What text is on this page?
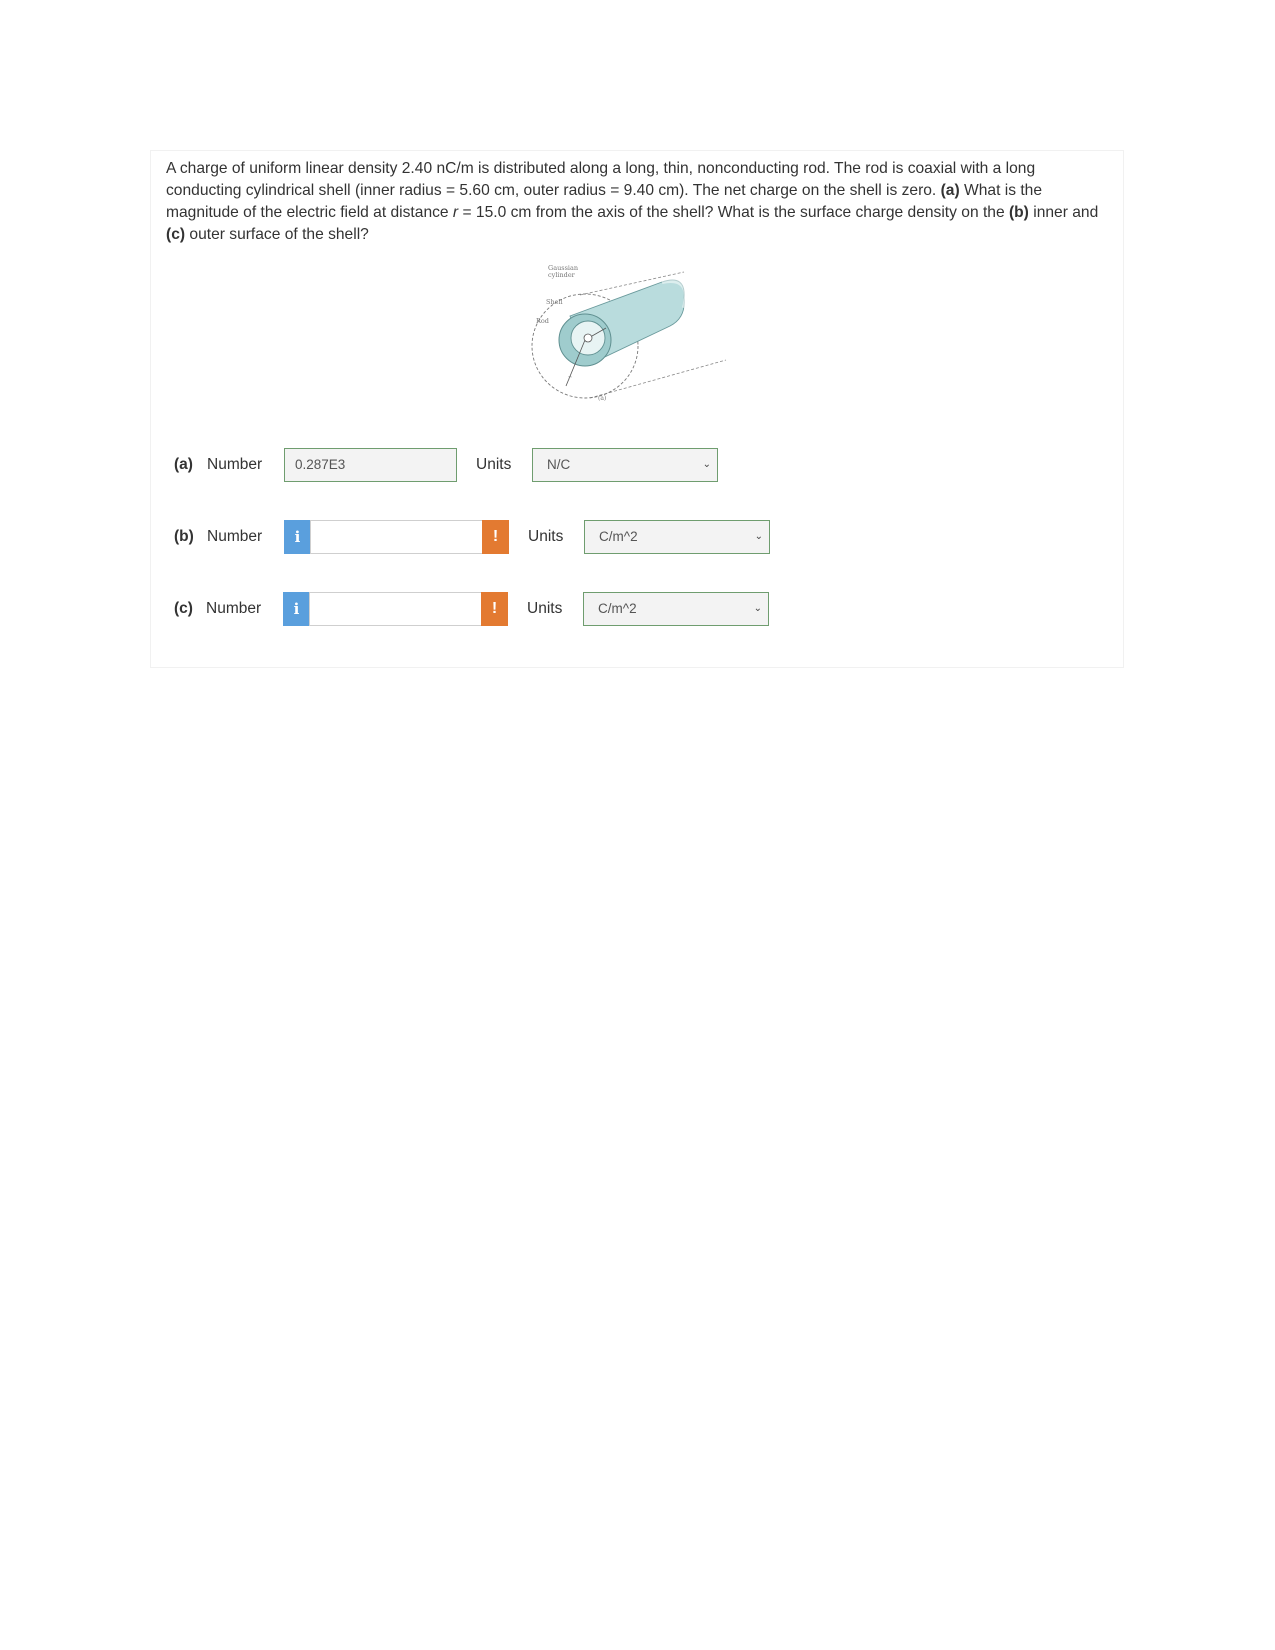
A charge of uniform linear density 2.40 nC/m is distributed along a long, thin, nonconducting rod. The rod is coaxial with a long conducting cylindrical shell (inner radius = 5.60 cm, outer radius = 9.40 cm). The net charge on the shell is zero. (a) What is the magnitude of the electric field at distance r = 15.0 cm from the axis of the shell? What is the surface charge density on the (b) inner and (c) outer surface of the shell?

Gaussian
cylinder
Shell
Rod
r
(a)
(a) Number	0.287E3	Units	N/C	⌄
(b) Number	i	!	Units	C/m^2	⌄
(c) Number	i	!	Units	C/m^2	⌄
